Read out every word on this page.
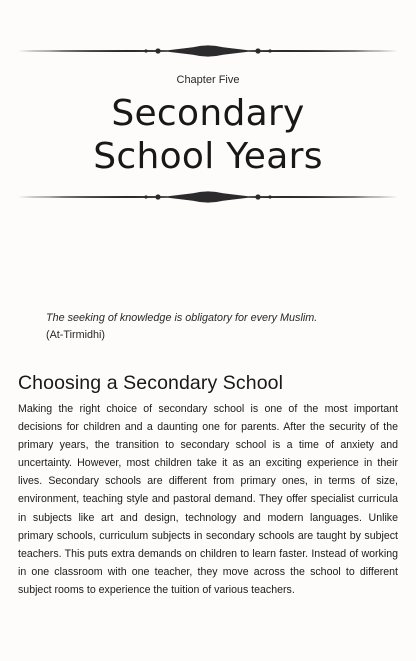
Chapter Five
Secondary
School Years
The seeking of knowledge is obligatory for every Muslim.
(At-Tirmidhi)
Choosing a Secondary School

Making the right choice of secondary school is one of the most important decisions for children and a daunting one for parents. After the security of the primary years, the transition to secondary school is a time of anxiety and uncertainty. However, most children take it as an exciting experience in their lives. Secondary schools are different from primary ones, in terms of size, environment, teaching style and pastoral demand. They offer specialist curricula in subjects like art and design, technology and modern languages. Unlike primary schools, curriculum subjects in secondary schools are taught by subject teachers. This puts extra demands on children to learn faster. Instead of working in one classroom with one teacher, they move across the school to different subject rooms to experience the tuition of various teachers.
